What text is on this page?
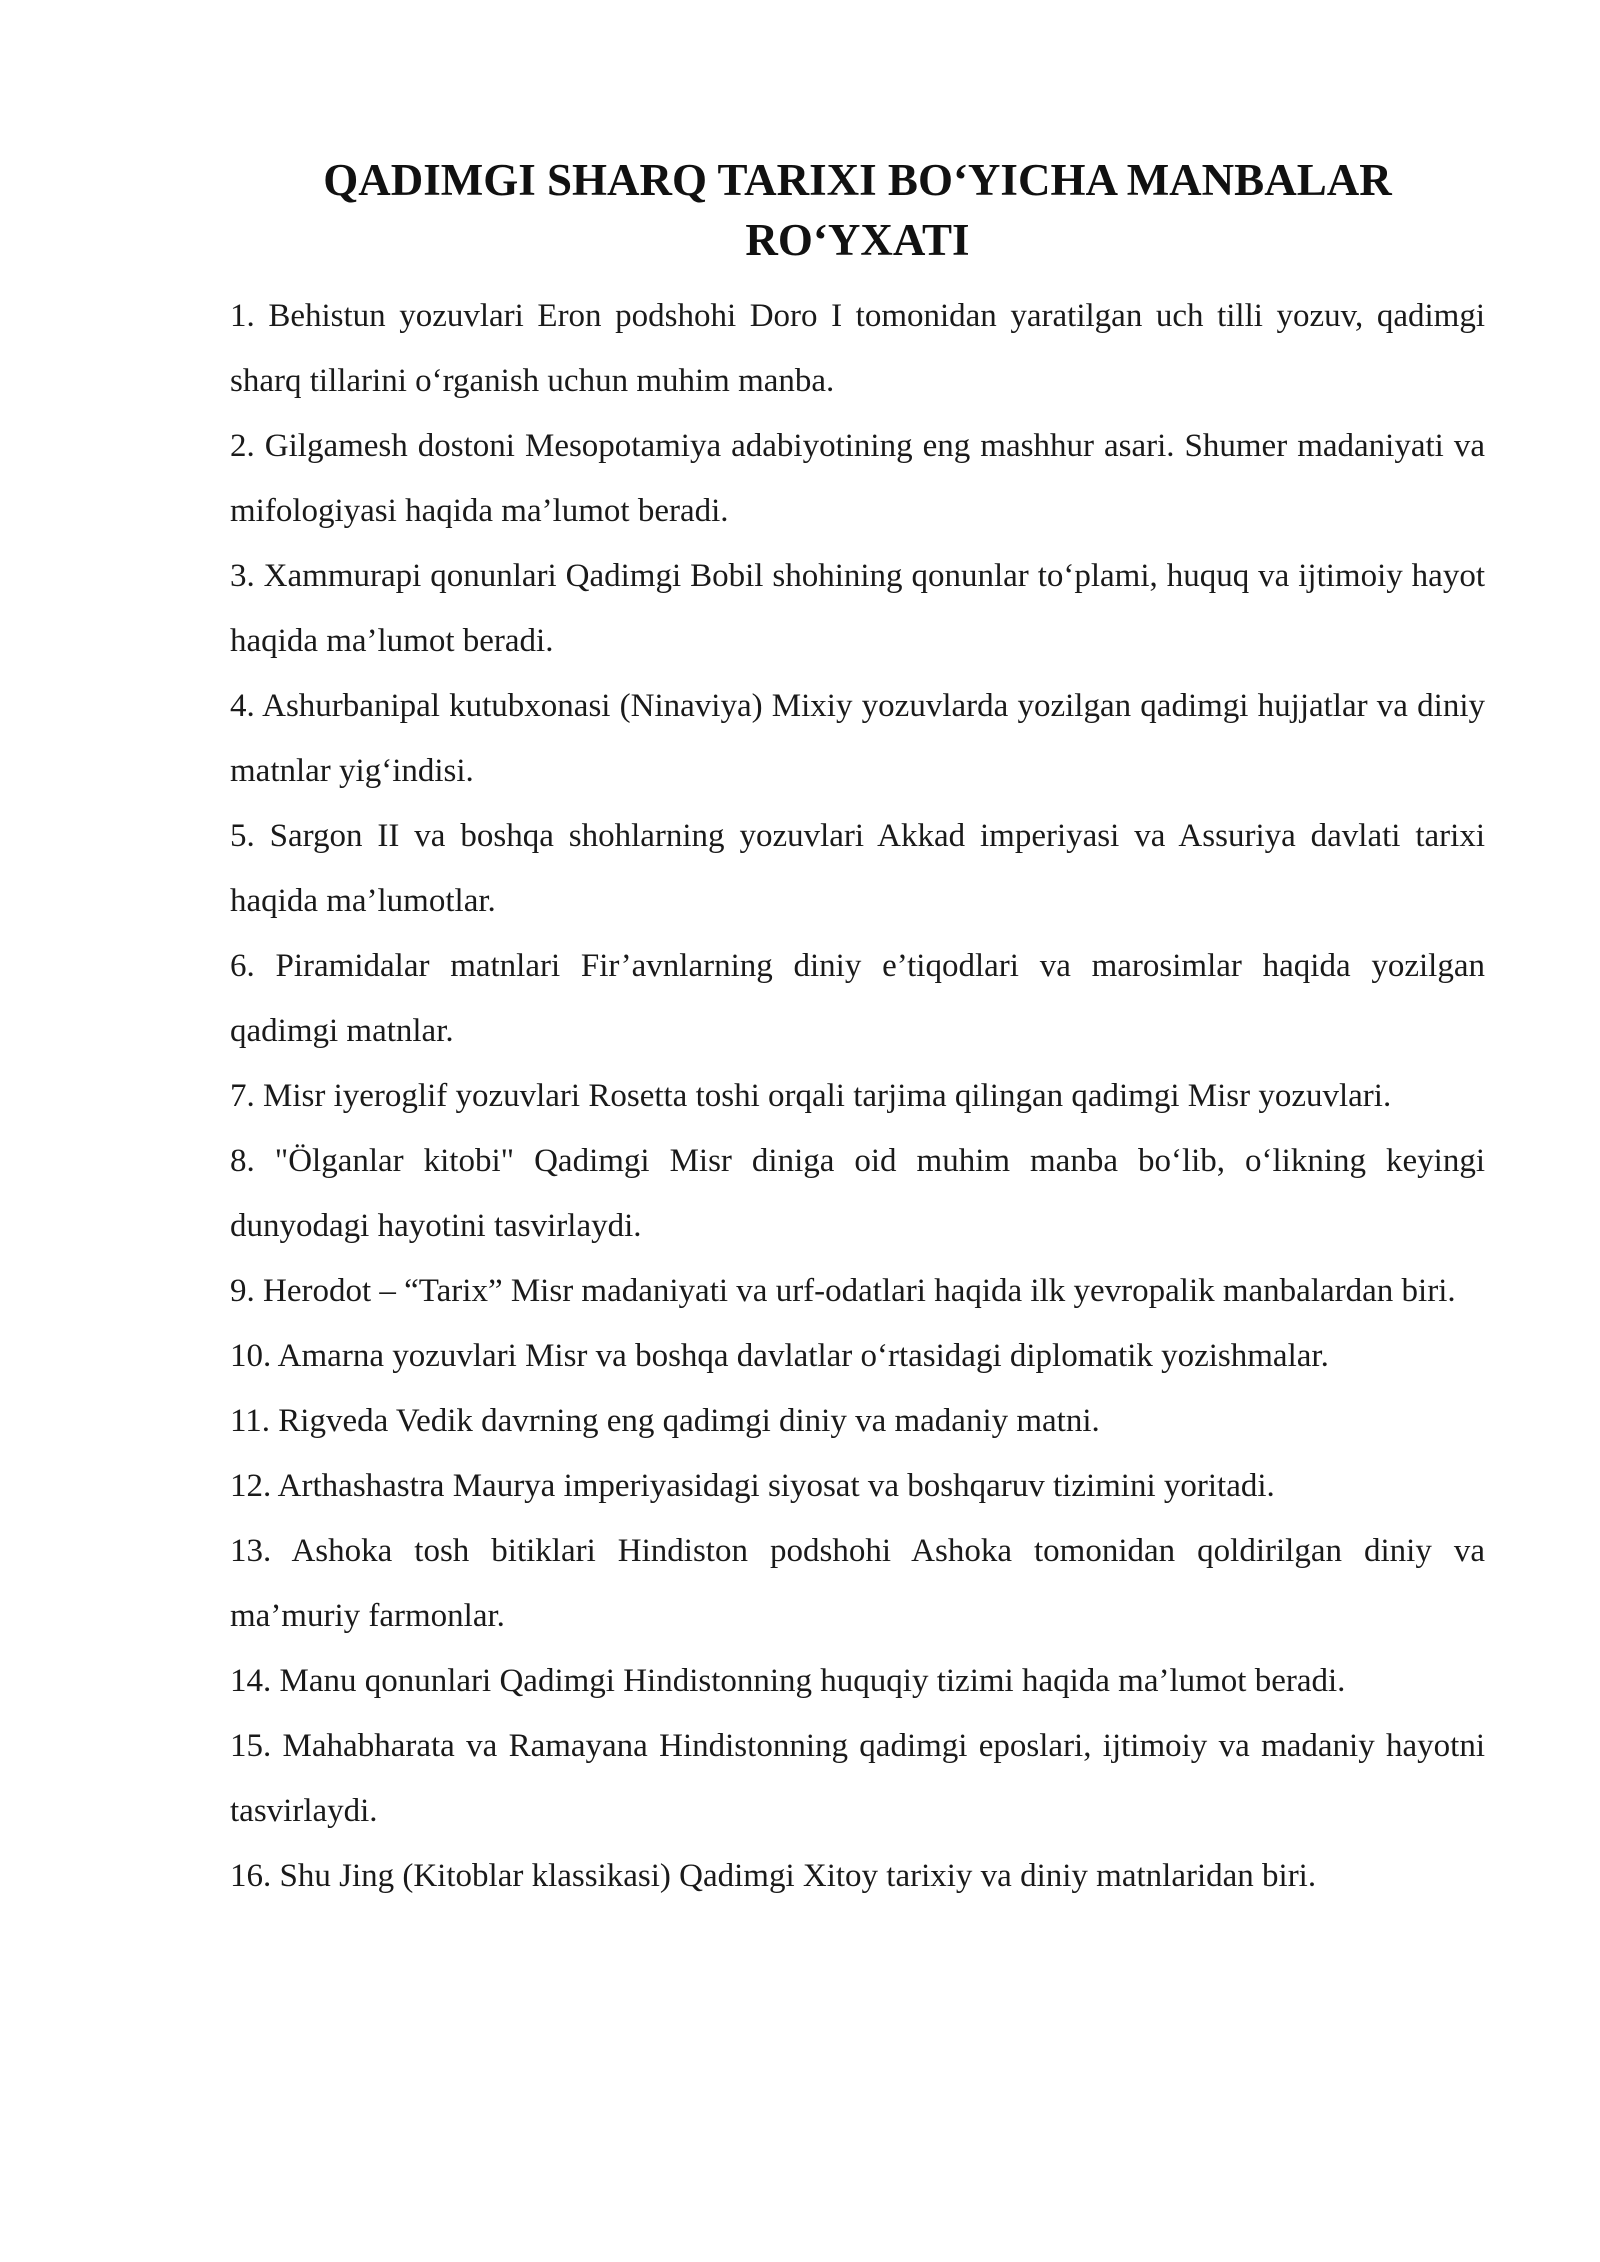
QADIMGI SHARQ TARIXI BO‘YICHA MANBALAR
RO‘YXATI
1. Behistun yozuvlari Eron podshohi Doro I tomonidan yaratilgan uch tilli yozuv, qadimgi sharq tillarini o‘rganish uchun muhim manba.
2. Gilgamesh dostoni Mesopotamiya adabiyotining eng mashhur asari. Shumer madaniyati va mifologiyasi haqida ma’lumot beradi.
3. Xammurapi qonunlari Qadimgi Bobil shohining qonunlar to‘plami, huquq va ijtimoiy hayot haqida ma’lumot beradi.
4. Ashurbanipal kutubxonasi (Ninaviya) Mixiy yozuvlarda yozilgan qadimgi hujjatlar va diniy matnlar yig‘indisi.
5. Sargon II va boshqa shohlarning yozuvlari Akkad imperiyasi va Assuriya davlati tarixi haqida ma’lumotlar.
6. Piramidalar matnlari Fir’avnlarning diniy e’tiqodlari va marosimlar haqida yozilgan qadimgi matnlar.
7. Misr iyeroglif yozuvlari Rosetta toshi orqali tarjima qilingan qadimgi Misr yozuvlari.
8. "Ölganlar kitobi" Qadimgi Misr diniga oid muhim manba bo‘lib, o‘likning keyingi dunyodagi hayotini tasvirlaydi.
9. Herodot – “Tarix” Misr madaniyati va urf-odatlari haqida ilk yevropalik manbalardan biri.
10. Amarna yozuvlari Misr va boshqa davlatlar o‘rtasidagi diplomatik yozishmalar.
11. Rigveda Vedik davrning eng qadimgi diniy va madaniy matni.
12. Arthashastra Maurya imperiyasidagi siyosat va boshqaruv tizimini yoritadi.
13. Ashoka tosh bitiklari Hindiston podshohi Ashoka tomonidan qoldirilgan diniy va ma’muriy farmonlar.
14. Manu qonunlari Qadimgi Hindistonning huquqiy tizimi haqida ma’lumot beradi.
15. Mahabharata va Ramayana Hindistonning qadimgi eposlari, ijtimoiy va madaniy hayotni tasvirlaydi.
16. Shu Jing (Kitoblar klassikasi) Qadimgi Xitoy tarixiy va diniy matnlaridan biri.
